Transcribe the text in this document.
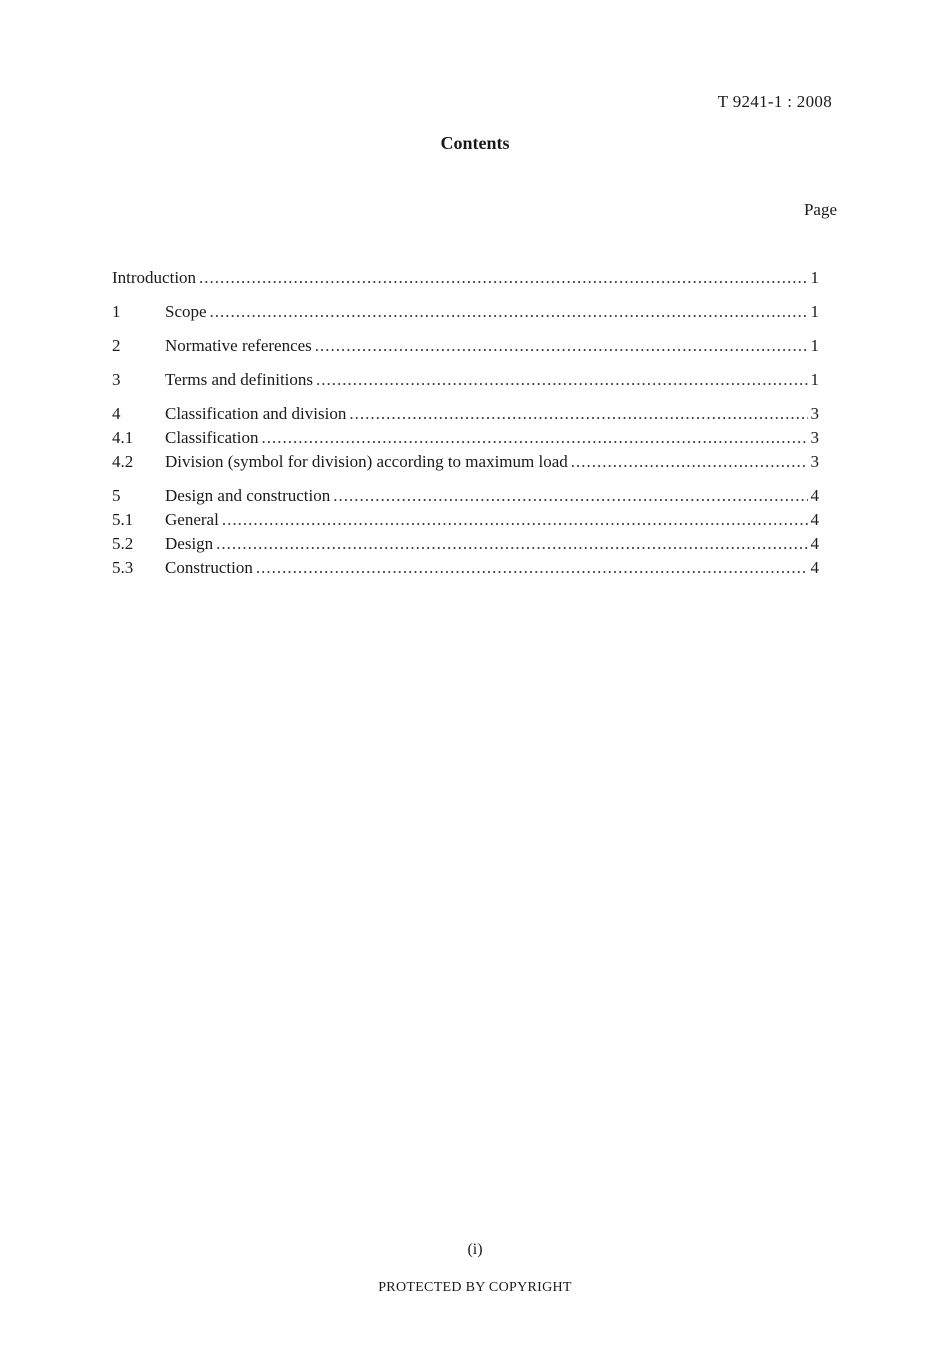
T 9241-1 : 2008
Contents
Page
Introduction .....	1
1	Scope .....	1
2	Normative references .....	1
3	Terms and definitions .....	1
4	Classification and division .....	3
4.1	Classification .....	3
4.2	Division (symbol for division) according to maximum load .....	3
5	Design and construction .....	4
5.1	General .....	4
5.2	Design .....	4
5.3	Construction .....	4
(i)
PROTECTED BY COPYRIGHT
